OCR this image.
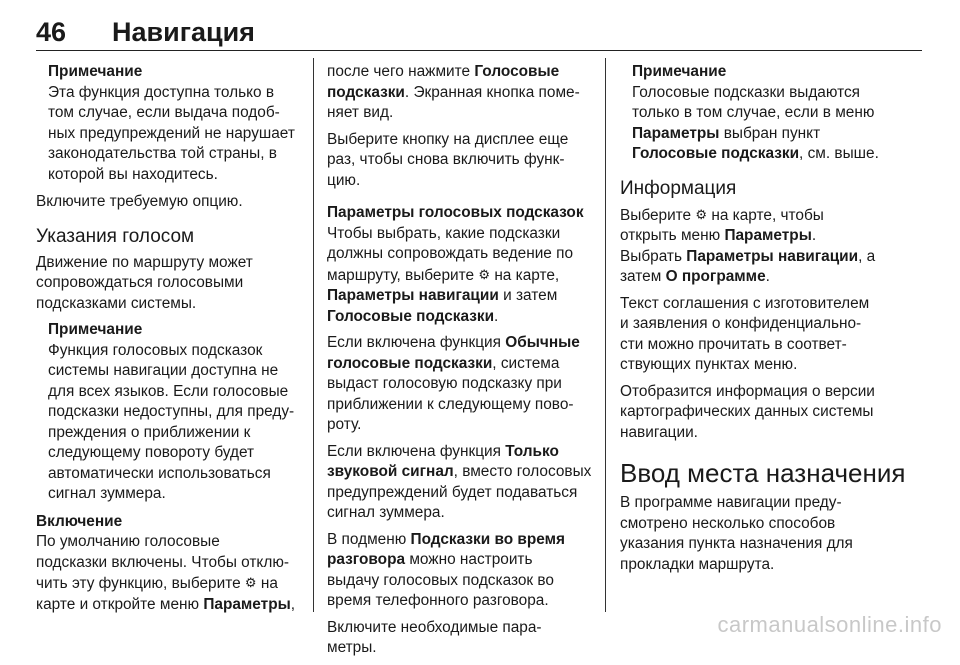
46 Навигация
Примечание
Эта функция доступна только в
том случае, если выдача подоб-
ных предупреждений не нарушает
законодательства той страны, в
которой вы находитесь.

Включите требуемую опцию.

Указания голосом

Движение по маршруту может
сопровождаться голосовыми
подсказками системы.

Примечание
Функция голосовых подсказок
системы навигации доступна не
для всех языков. Если голосовые
подсказки недоступны, для преду-
преждения о приближении к
следующему повороту будет
автоматически использоваться
сигнал зуммера.
Включение

По умолчанию голосовые
подсказки включены. Чтобы отклю-
чить эту функцию, выберите ⚙ на
карте и откройте меню Параметры,

после чего нажмите Голосовые
подсказки. Экранная кнопка поме-
няет вид.

Выберите кнопку на дисплее еще
раз, чтобы снова включить функ-
цию.

Параметры голосовых подсказок

Чтобы выбрать, какие подсказки
должны сопровождать ведение по
маршруту, выберите ⚙ на карте,
Параметры навигации и затем
Голосовые подсказки.

Если включена функция Обычные
голосовые подсказки, система
выдаст голосовую подсказку при
приближении к следующему пово-
роту.

Если включена функция Только
звуковой сигнал, вместо голосовых
предупреждений будет подаваться
сигнал зуммера.

В подменю Подсказки во время
разговора можно настроить
выдачу голосовых подсказок во
время телефонного разговора.

Включите необходимые пара-
метры.

Примечание
Голосовые подсказки выдаются
только в том случае, если в меню
Параметры выбран пункт
Голосовые подсказки, см. выше.
Информация

Выберите ⚙ на карте, чтобы
открыть меню Параметры.
Выбрать Параметры навигации, а
затем О программе.

Текст соглашения с изготовителем
и заявления о конфиденциально-
сти можно прочитать в соответ-
ствующих пунктах меню.

Отобразится информация о версии
картографических данных системы
навигации.

Ввод места назначения

В программе навигации преду-
смотрено несколько способов
указания пункта назначения для
прокладки маршрута.

carmanualsonline.info
